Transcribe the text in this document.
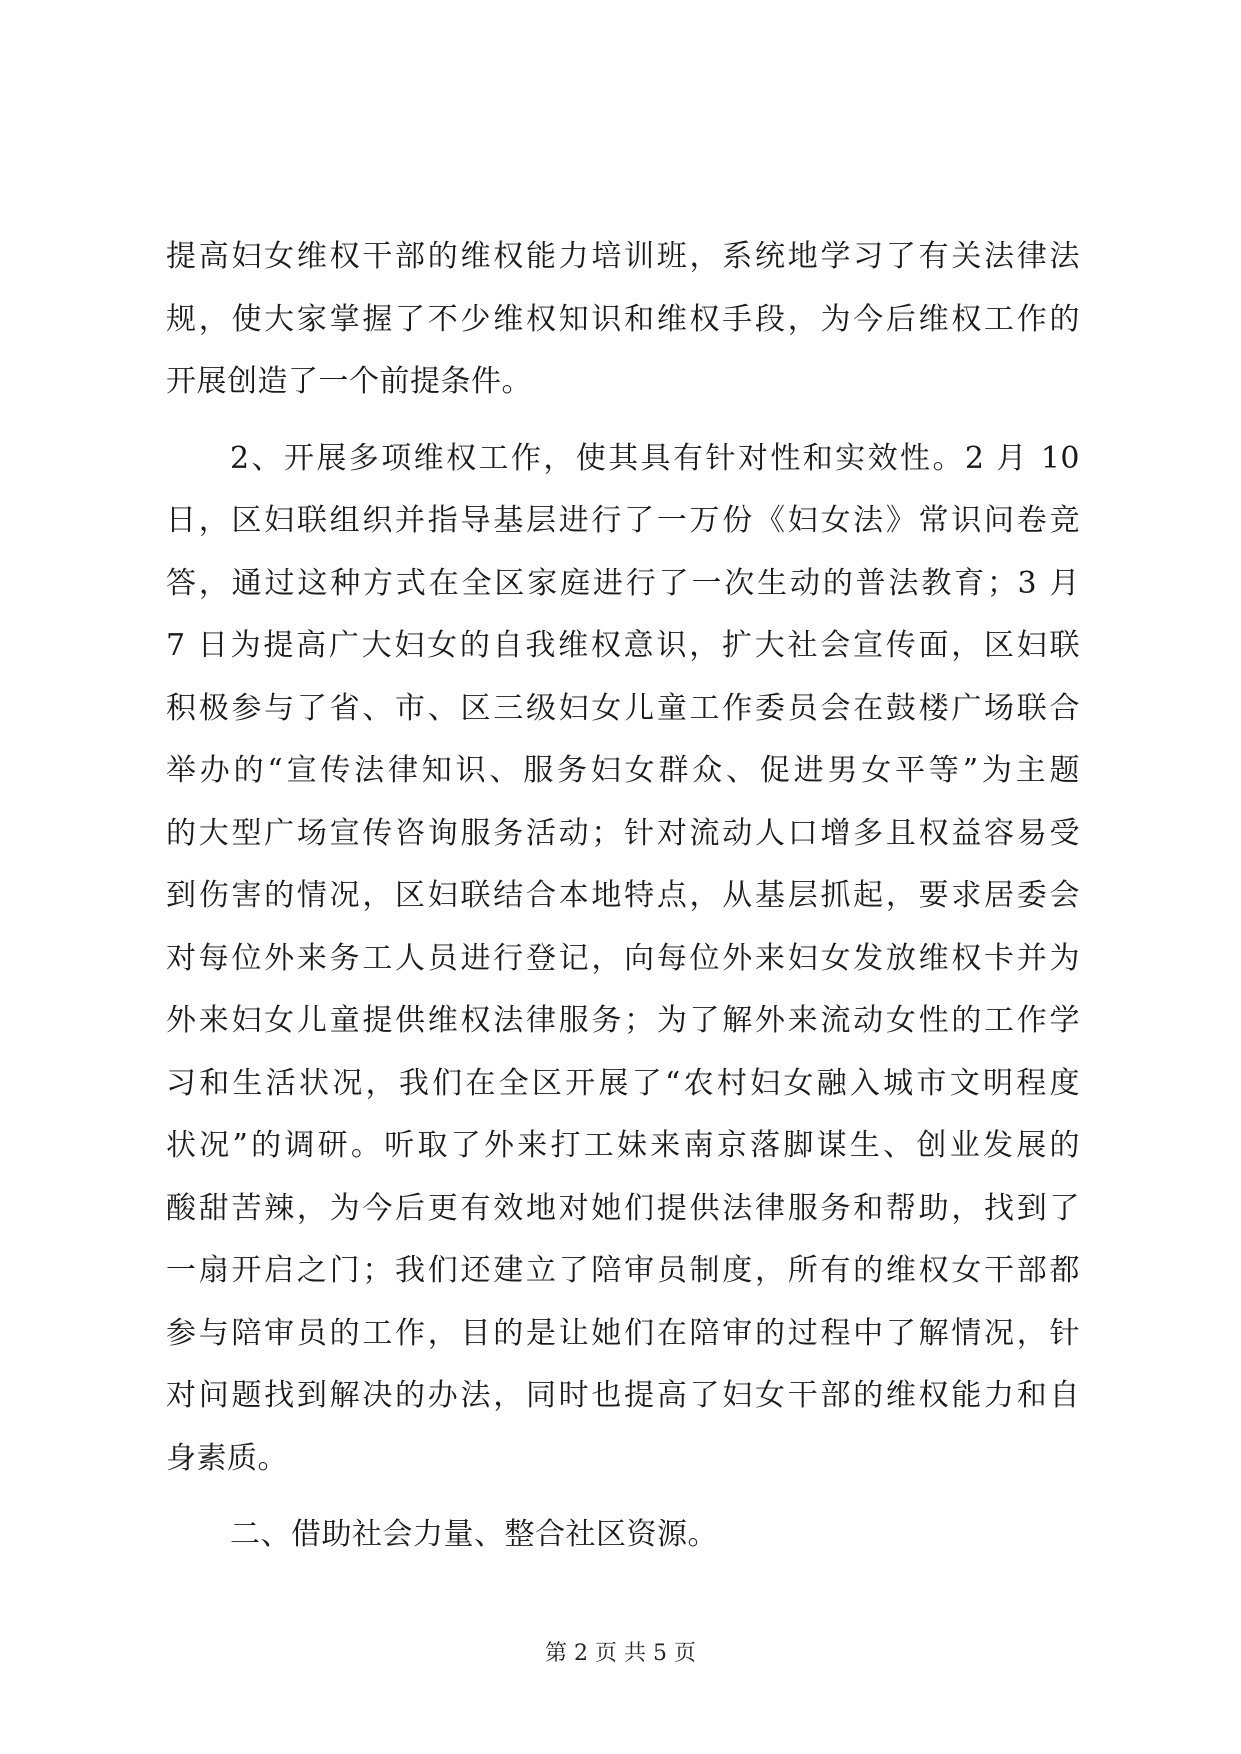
提高妇女维权干部的维权能力培训班，系统地学习了有关法律法
规，使大家掌握了不少维权知识和维权手段，为今后维权工作的
开展创造了一个前提条件。
2、开展多项维权工作，使其具有针对性和实效性。2 月 10
日，区妇联组织并指导基层进行了一万份《妇女法》常识问卷竞
答，通过这种方式在全区家庭进行了一次生动的普法教育；3 月
7 日为提高广大妇女的自我维权意识，扩大社会宣传面，区妇联
积极参与了省、市、区三级妇女儿童工作委员会在鼓楼广场联合
举办的“宣传法律知识、服务妇女群众、促进男女平等”为主题
的大型广场宣传咨询服务活动；针对流动人口增多且权益容易受
到伤害的情况，区妇联结合本地特点，从基层抓起，要求居委会
对每位外来务工人员进行登记，向每位外来妇女发放维权卡并为
外来妇女儿童提供维权法律服务；为了解外来流动女性的工作学
习和生活状况，我们在全区开展了“农村妇女融入城市文明程度
状况”的调研。听取了外来打工妹来南京落脚谋生、创业发展的
酸甜苦辣，为今后更有效地对她们提供法律服务和帮助，找到了
一扇开启之门；我们还建立了陪审员制度，所有的维权女干部都
参与陪审员的工作，目的是让她们在陪审的过程中了解情况，针
对问题找到解决的办法，同时也提高了妇女干部的维权能力和自
身素质。
二、借助社会力量、整合社区资源。
第 2 页 共 5 页
